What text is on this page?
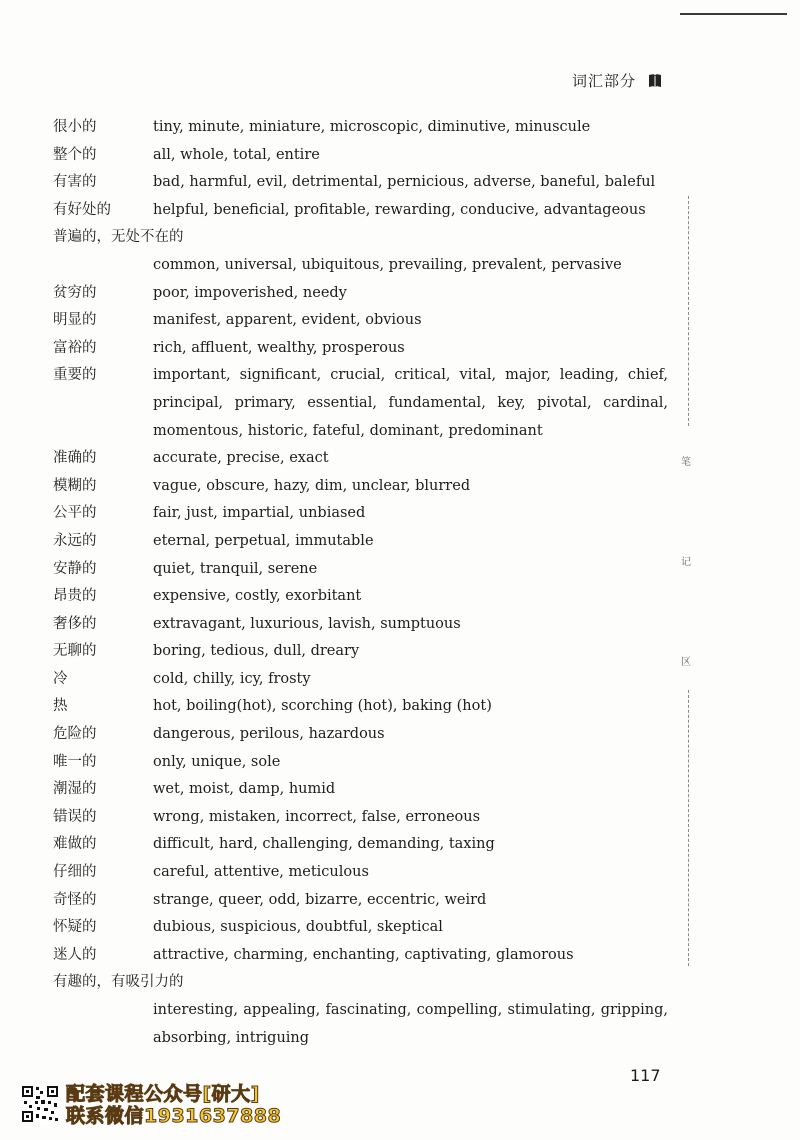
词汇部分
很小的	tiny, minute, miniature, microscopic, diminutive, minuscule
整个的	all, whole, total, entire
有害的	bad, harmful, evil, detrimental, pernicious, adverse, baneful, baleful
有好处的	helpful, beneficial, profitable, rewarding, conducive, advantageous
普遍的，无处不在的
common, universal, ubiquitous, prevailing, prevalent, pervasive
贫穷的	poor, impoverished, needy
明显的	manifest, apparent, evident, obvious
富裕的	rich, affluent, wealthy, prosperous
重要的	important, significant, crucial, critical, vital, major, leading, chief, principal, primary, essential, fundamental, key, pivotal, cardinal, momentous, historic, fateful, dominant, predominant
准确的	accurate, precise, exact
模糊的	vague, obscure, hazy, dim, unclear, blurred
公平的	fair, just, impartial, unbiased
永远的	eternal, perpetual, immutable
安静的	quiet, tranquil, serene
昂贵的	expensive, costly, exorbitant
奢侈的	extravagant, luxurious, lavish, sumptuous
无聊的	boring, tedious, dull, dreary
冷	cold, chilly, icy, frosty
热	hot, boiling(hot), scorching (hot), baking (hot)
危险的	dangerous, perilous, hazardous
唯一的	only, unique, sole
潮湿的	wet, moist, damp, humid
错误的	wrong, mistaken, incorrect, false, erroneous
难做的	difficult, hard, challenging, demanding, taxing
仔细的	careful, attentive, meticulous
奇怪的	strange, queer, odd, bizarre, eccentric, weird
怀疑的	dubious, suspicious, doubtful, skeptical
迷人的	attractive, charming, enchanting, captivating, glamorous
有趣的，有吸引力的
interesting, appealing, fascinating, compelling, stimulating, gripping, absorbing, intriguing
笔
记
区
117
配套课程公众号[研大]
联系微信1931637888
